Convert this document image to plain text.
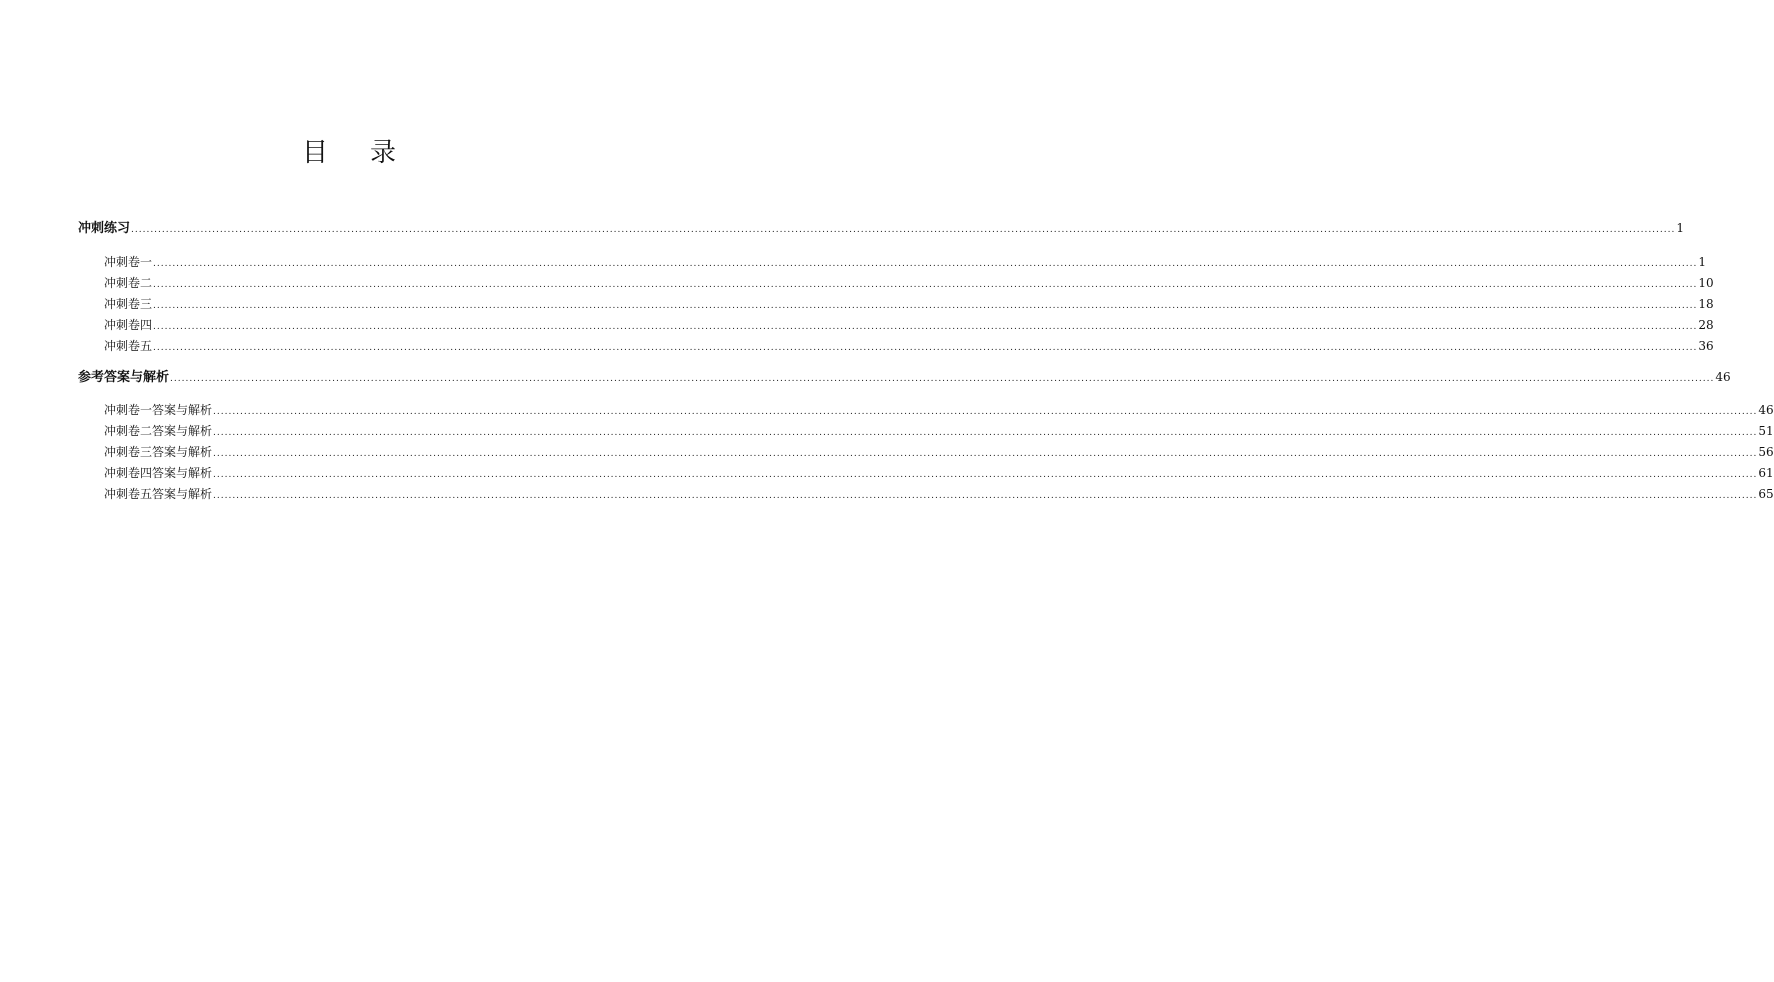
目录
冲刺练习 ................................................................................................................................................................................................................................................................................................................................................................................................................ 1
冲刺卷一 ................................................................................................................................................................................................................................................................................................................................................................................................................ 1
冲刺卷二 ................................................................................................................................................................................................................................................................................................................................................................................................................ 10
冲刺卷三 ................................................................................................................................................................................................................................................................................................................................................................................................................ 18
冲刺卷四 ................................................................................................................................................................................................................................................................................................................................................................................................................ 28
冲刺卷五 ................................................................................................................................................................................................................................................................................................................................................................................................................ 36
参考答案与解析 ................................................................................................................................................................................................................................................................................................................................................................................................................ 46
冲刺卷一答案与解析 ................................................................................................................................................................................................................................................................................................................................................................................................................ 46
冲刺卷二答案与解析 ................................................................................................................................................................................................................................................................................................................................................................................................................ 51
冲刺卷三答案与解析 ................................................................................................................................................................................................................................................................................................................................................................................................................ 56
冲刺卷四答案与解析 ................................................................................................................................................................................................................................................................................................................................................................................................................ 61
冲刺卷五答案与解析 ................................................................................................................................................................................................................................................................................................................................................................................................................ 65
